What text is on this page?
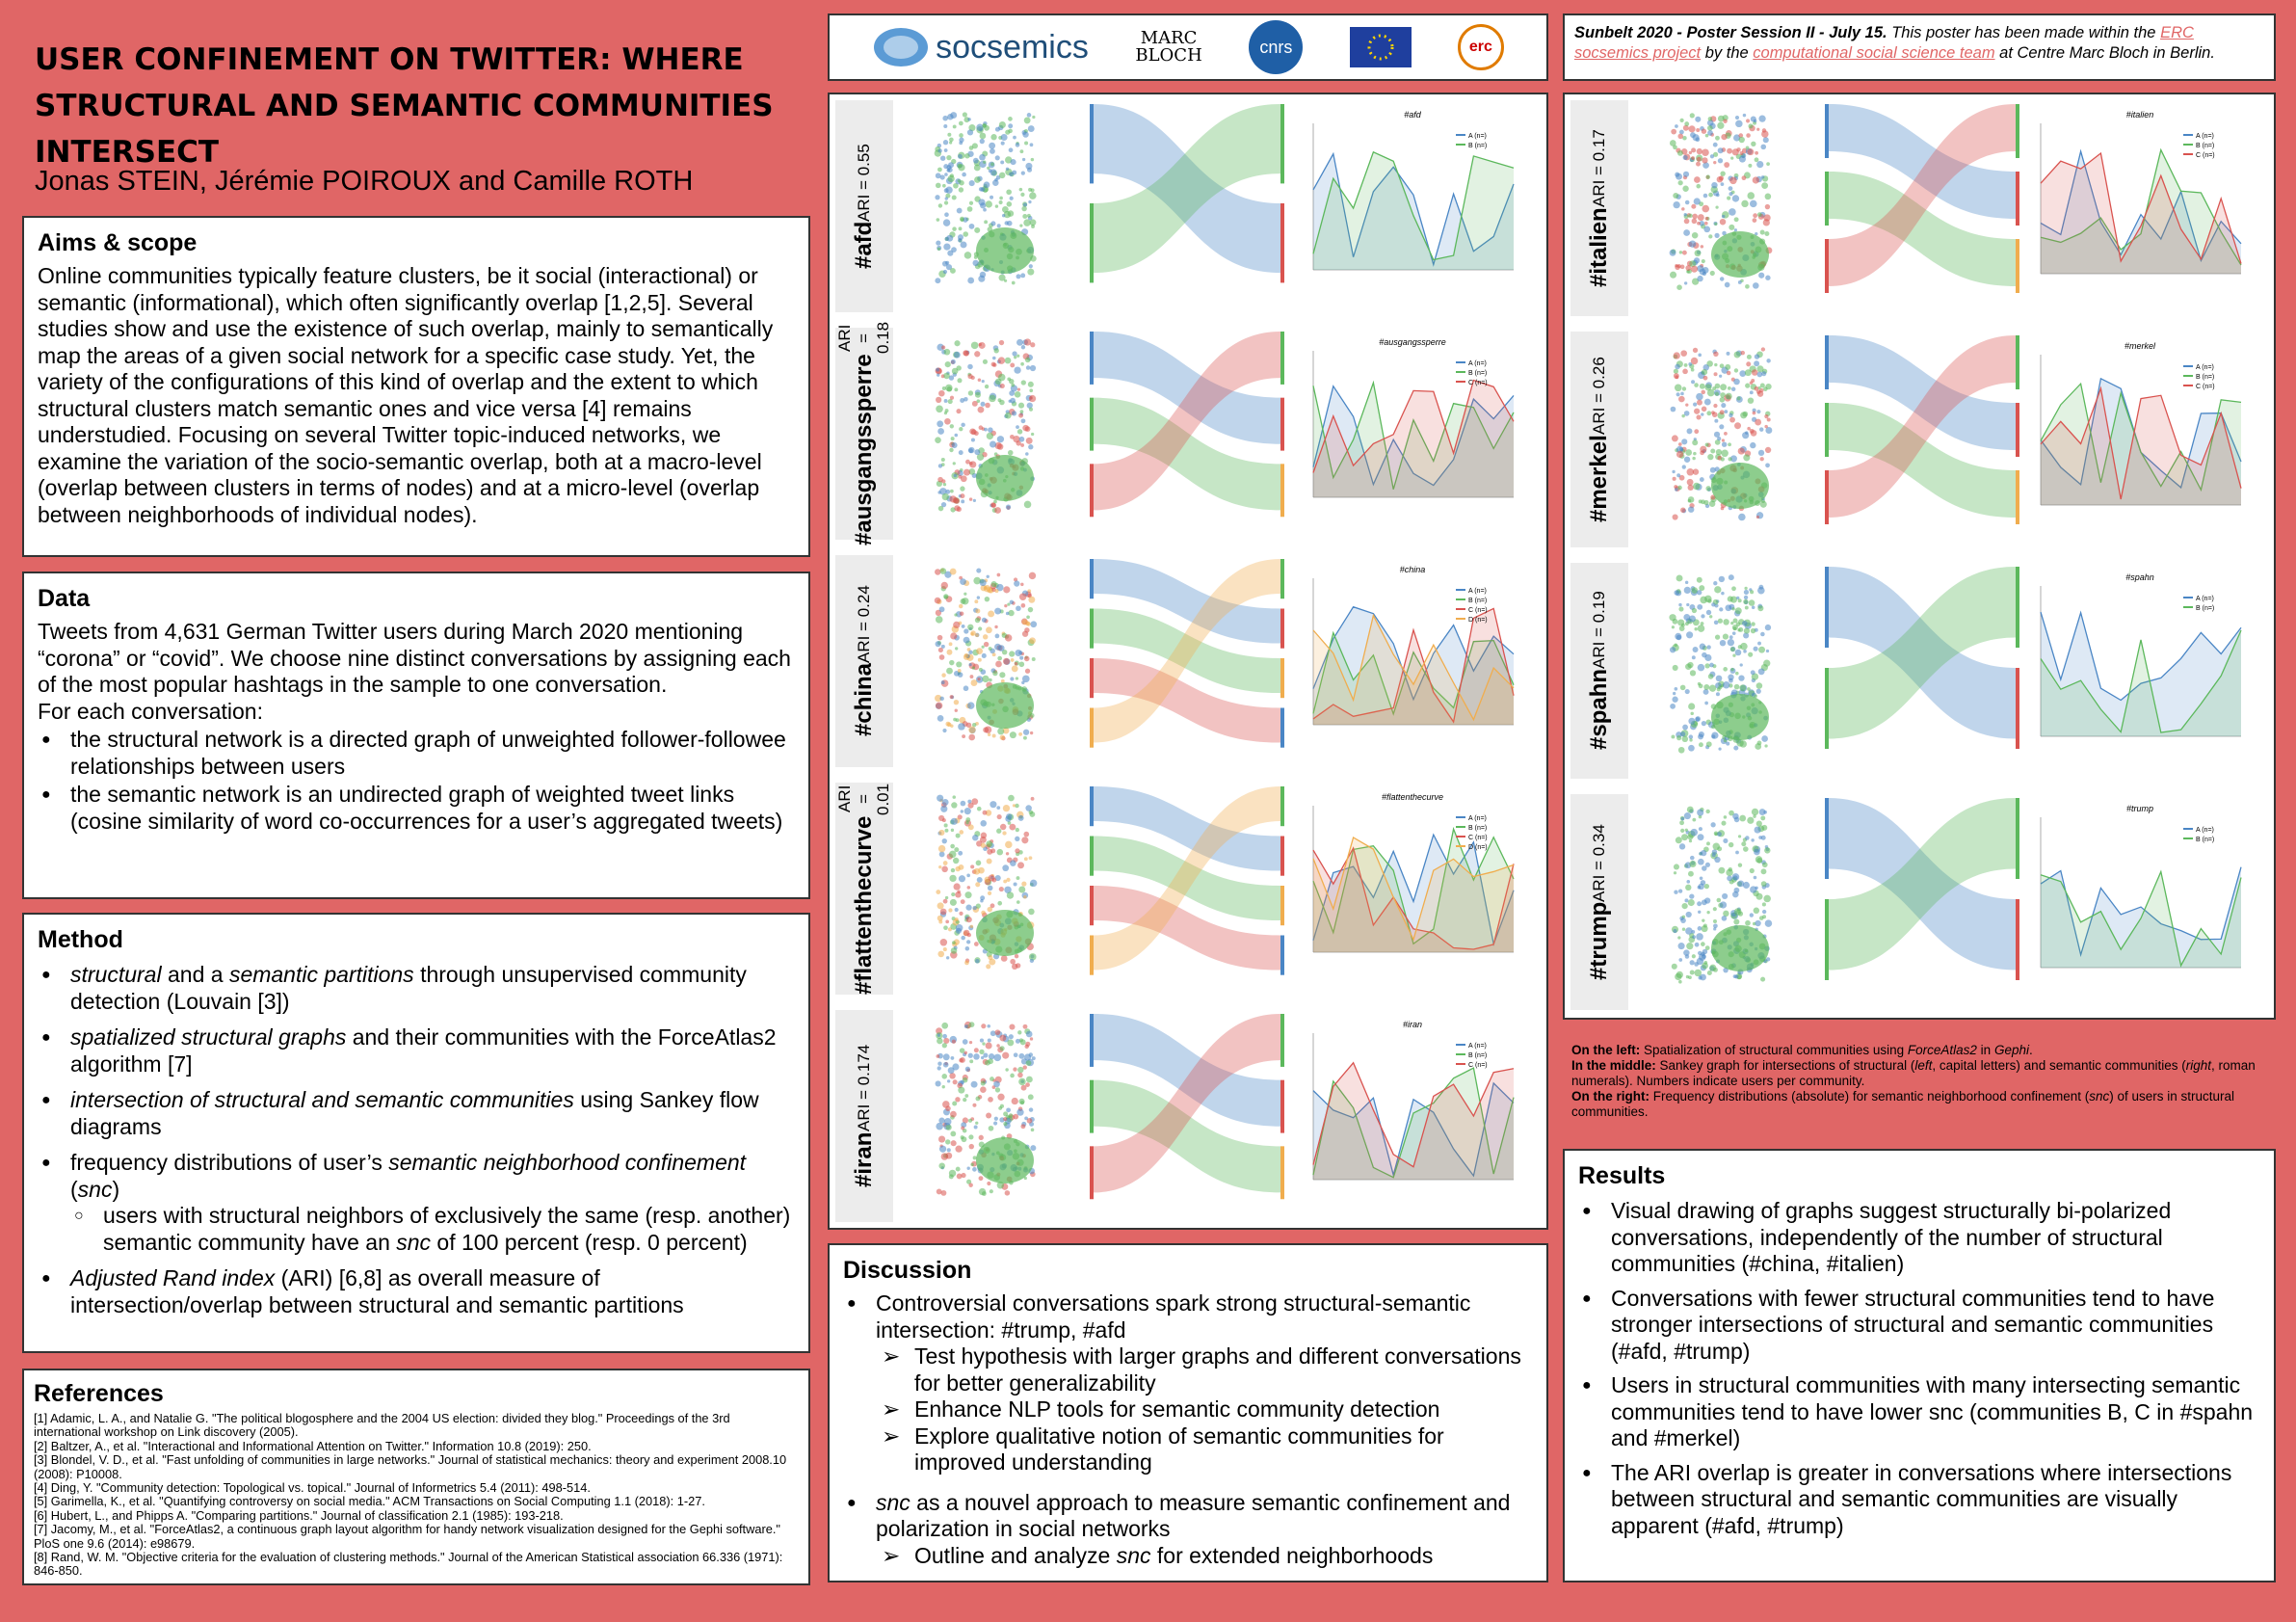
USER CONFINEMENT ON TWITTER: WHERE STRUCTURAL AND SEMANTIC COMMUNITIES INTERSECT
Jonas STEIN, Jérémie POIROUX and Camille ROTH
Aims & scope

Online communities typically feature clusters, be it social (interactional) or semantic (informational), which often significantly overlap [1,2,5]. Several studies show and use the existence of such overlap, mainly to semantically map the areas of a given social network for a specific case study. Yet, the variety of the configurations of this kind of overlap and the extent to which structural clusters match semantic ones and vice versa [4] remains understudied. Focusing on several Twitter topic-induced networks, we examine the variation of the socio-semantic overlap, both at a macro-level (overlap between clusters in terms of nodes) and at a micro-level (overlap between neighborhoods of individual nodes).

Data

Tweets from 4,631 German Twitter users during March 2020 mentioning “corona” or “covid”. We choose nine distinct conversations by assigning each of the most popular hashtags in the sample to one conversation.

For each conversation:

● the structural network is a directed graph of unweighted follower-followee relationships between users
● the semantic network is an undirected graph of weighted tweet links (cosine similarity of word co-occurrences for a user’s aggregated tweets)
Method
● structural and a semantic partitions through unsupervised community detection (Louvain [3])
● spatialized structural graphs and their communities with the ForceAtlas2 algorithm [7]
● intersection of structural and semantic communities using Sankey flow diagrams
● frequency distributions of user’s semantic neighborhood confinement (snc)
○ users with structural neighbors of exclusively the same (resp. another) semantic community have an snc of 100 percent (resp. 0 percent)
● Adjusted Rand index (ARI) [6,8] as overall measure of intersection/overlap between structural and semantic partitions
References
[1] Adamic, L. A., and Natalie G. "The political blogosphere and the 2004 US election: divided they blog." Proceedings of the 3rd international workshop on Link discovery (2005).
[2] Baltzer, A., et al. "Interactional and Informational Attention on Twitter." Information 10.8 (2019): 250.
[3] Blondel, V. D., et al. "Fast unfolding of communities in large networks." Journal of statistical mechanics: theory and experiment 2008.10 (2008): P10008.
[4] Ding, Y. "Community detection: Topological vs. topical." Journal of Informetrics 5.4 (2011): 498-514.
[5] Garimella, K., et al. "Quantifying controversy on social media." ACM Transactions on Social Computing 1.1 (2018): 1-27.
[6] Hubert, L., and Phipps A. "Comparing partitions." Journal of classification 2.1 (1985): 193-218.
[7] Jacomy, M., et al. "ForceAtlas2, a continuous graph layout algorithm for handy network visualization designed for the Gephi software." PloS one 9.6 (2014): e98679.
[8] Rand, W. M. "Objective criteria for the evaluation of clustering methods." Journal of the American Statistical association 66.336 (1971): 846-850.
socsemics	MARC BLOCH	cnrs	erc
Sunbelt 2020 - Poster Session II - July 15. This poster has been made within the ERC socsemics project by the computational social science team at Centre Marc Bloch in Berlin.
#afd
ARI = 0.55
#afd
A (n=)
B (n=)
#ausgangssperre
ARI = 0.18	#ausgangssperre
A (n=)
B (n=)
C (n=)
#china
ARI = 0.24
#china
A (n=)
B (n=)
C (n=)
D (n=)
#flattenthecurve
ARI = 0.01	#flattenthecurve
A (n=)
B (n=)
C (n=)
D (n=)
#iran
ARI = 0.174
#iran
A (n=)
B (n=)
C (n=)
#italien
ARI = 0.17
#italien
A (n=)
B (n=)
C (n=)
#merkel
ARI = 0.26
#merkel
A (n=)
B (n=)
C (n=)
#spahn
ARI = 0.19
#spahn
A (n=)
B (n=)
#trump
ARI = 0.34
#trump
A (n=)
B (n=)

On the left: Spatialization of structural communities using ForceAtlas2 in Gephi.

In the middle: Sankey graph for intersections of structural (left, capital letters) and semantic communities (right, roman numerals). Numbers indicate users per community.

On the right: Frequency distributions (absolute) for semantic neighborhood confinement (snc) of users in structural communities.

Results
● Visual drawing of graphs suggest structurally bi-polarized conversations, independently of the number of structural communities (#china, #italien)
● Conversations with fewer structural communities tend to have stronger intersections of structural and semantic communities (#afd, #trump)
● Users in structural communities with many intersecting semantic communities tend to have lower snc (communities B, C in #spahn and #merkel)
● The ARI overlap is greater in conversations where intersections between structural and semantic communities are visually apparent (#afd, #trump)
Discussion
● Controversial conversations spark strong structural-semantic intersection: #trump, #afd
➢ Test hypothesis with larger graphs and different conversations for better generalizability
➢ Enhance NLP tools for semantic community detection
➢ Explore qualitative notion of semantic communities for improved understanding
● snc as a nouvel approach to measure semantic confinement and polarization in social networks
➢ Outline and analyze snc for extended neighborhoods
